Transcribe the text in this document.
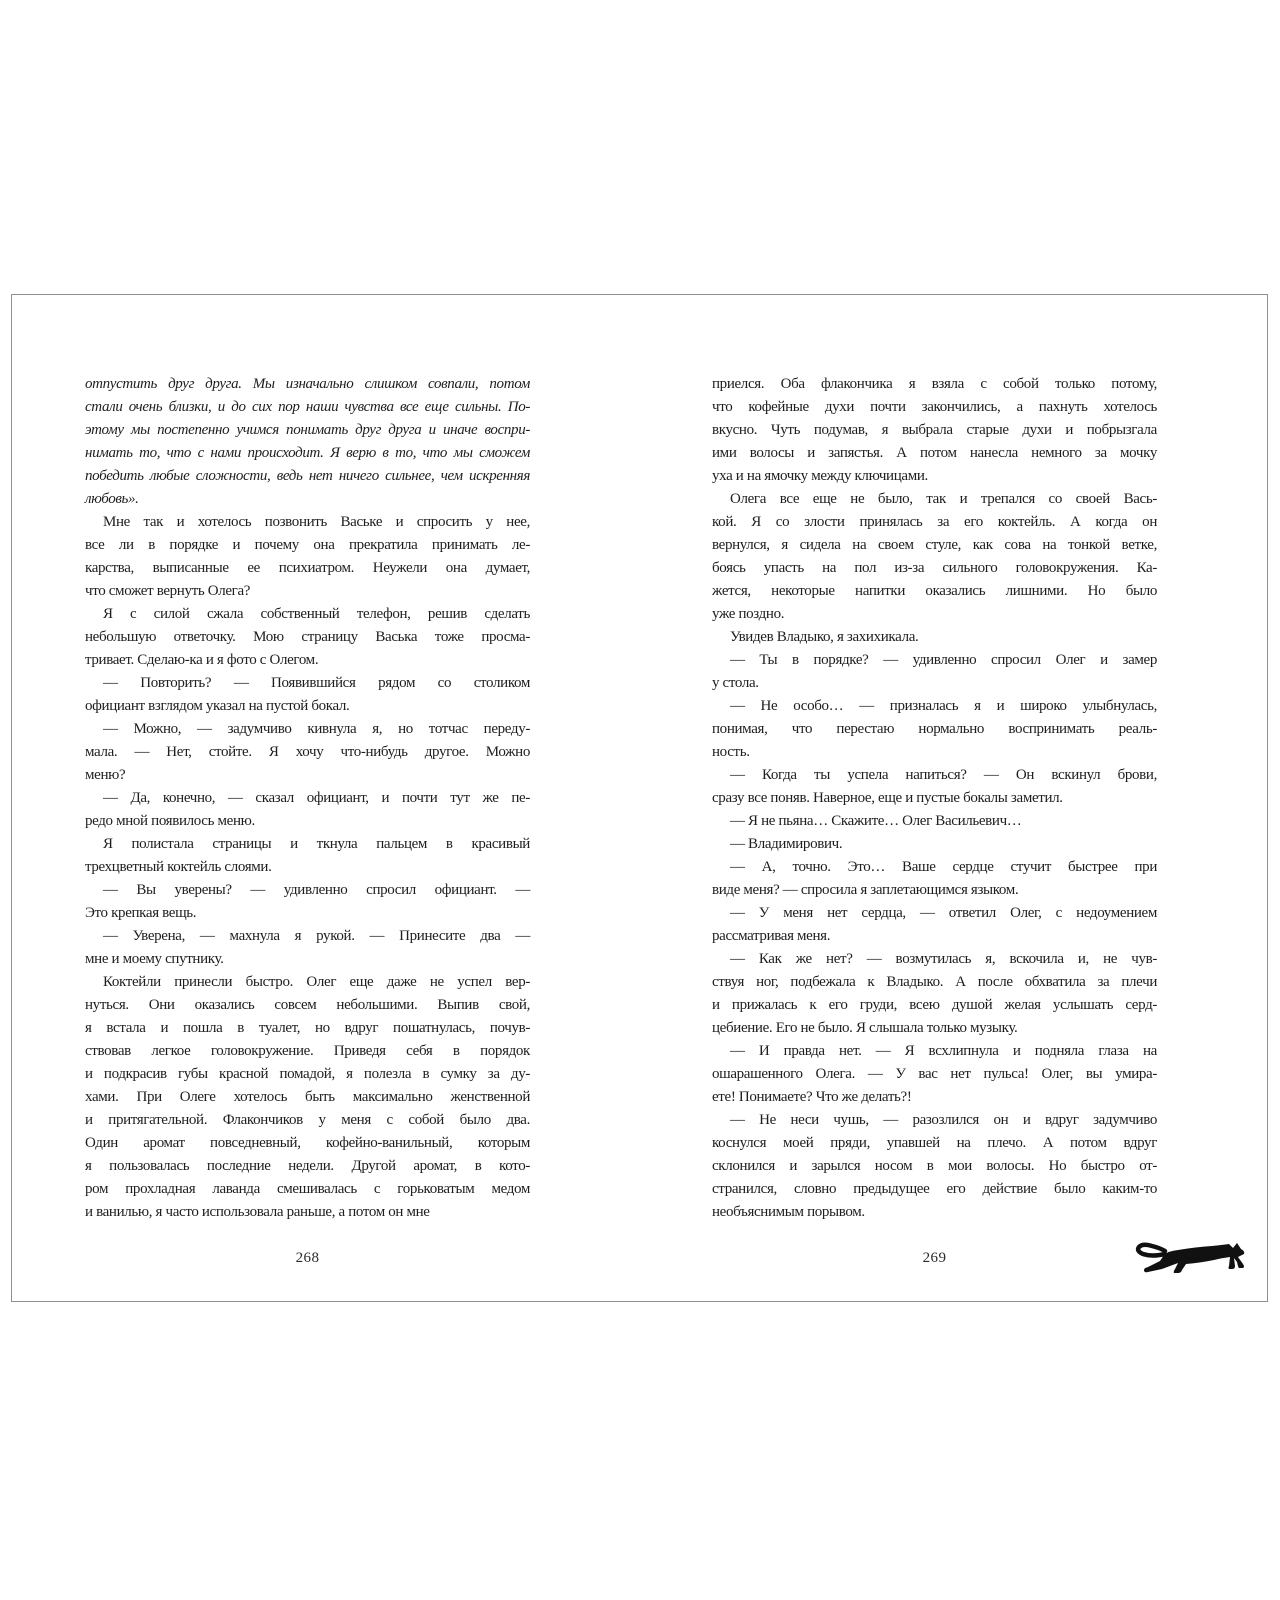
отпустить друг друга. Мы изначально слишком совпали, потом
стали очень близки, и до сих пор наши чувства все еще сильны. По-
этому мы постепенно учимся понимать друг друга и иначе воспри-
нимать то, что с нами происходит. Я верю в то, что мы сможем
победить любые сложности, ведь нет ничего сильнее, чем искренняя
любовь».
Мне так и хотелось позвонить Ваське и спросить у нее,
все ли в порядке и почему она прекратила принимать ле-
карства, выписанные ее психиатром. Неужели она думает,
что сможет вернуть Олега?
Я с силой сжала собственный телефон, решив сделать
небольшую ответочку. Мою страницу Васька тоже просма-
тривает. Сделаю-ка и я фото с Олегом.
— Повторить? — Появившийся рядом со столиком
официант взглядом указал на пустой бокал.
— Можно, — задумчиво кивнула я, но тотчас переду-
мала. — Нет, стойте. Я хочу что-нибудь другое. Можно
меню?
— Да, конечно, — сказал официант, и почти тут же пе-
редо мной появилось меню.
Я полистала страницы и ткнула пальцем в красивый
трехцветный коктейль слоями.
— Вы уверены? — удивленно спросил официант. —
Это крепкая вещь.
— Уверена, — махнула я рукой. — Принесите два —
мне и моему спутнику.
Коктейли принесли быстро. Олег еще даже не успел вер-
нуться. Они оказались совсем небольшими. Выпив свой,
я встала и пошла в туалет, но вдруг пошатнулась, почув-
ствовав легкое головокружение. Приведя себя в порядок
и подкрасив губы красной помадой, я полезла в сумку за ду-
хами. При Олеге хотелось быть максимально женственной
и притягательной. Флакончиков у меня с собой было два.
Один аромат повседневный, кофейно-ванильный, которым
я пользовалась последние недели. Другой аромат, в кото-
ром прохладная лаванда смешивалась с горьковатым медом
и ванилью, я часто использовала раньше, а потом он мне
приелся. Оба флакончика я взяла с собой только потому,
что кофейные духи почти закончились, а пахнуть хотелось
вкусно. Чуть подумав, я выбрала старые духи и побрызгала
ими волосы и запястья. А потом нанесла немного за мочку
уха и на ямочку между ключицами.
Олега все еще не было, так и трепался со своей Вась-
кой. Я со злости принялась за его коктейль. А когда он
вернулся, я сидела на своем стуле, как сова на тонкой ветке,
боясь упасть на пол из-за сильного головокружения. Ка-
жется, некоторые напитки оказались лишними. Но было
уже поздно.
Увидев Владыко, я захихикала.
— Ты в порядке? — удивленно спросил Олег и замер
у стола.
— Не особо… — призналась я и широко улыбнулась,
понимая, что перестаю нормально воспринимать реаль-
ность.
— Когда ты успела напиться? — Он вскинул брови,
сразу все поняв. Наверное, еще и пустые бокалы заметил.
— Я не пьяна… Скажите… Олег Васильевич…
— Владимирович.
— А, точно. Это… Ваше сердце стучит быстрее при
виде меня? — спросила я заплетающимся языком.
— У меня нет сердца, — ответил Олег, с недоумением
рассматривая меня.
— Как же нет? — возмутилась я, вскочила и, не чув-
ствуя ног, подбежала к Владыко. А после обхватила за плечи
и прижалась к его груди, всею душой желая услышать серд-
цебиение. Его не было. Я слышала только музыку.
— И правда нет. — Я всхлипнула и подняла глаза на
ошарашенного Олега. — У вас нет пульса! Олег, вы умира-
ете! Понимаете? Что же делать?!
— Не неси чушь, — разозлился он и вдруг задумчиво
коснулся моей пряди, упавшей на плечо. А потом вдруг
склонился и зарылся носом в мои волосы. Но быстро от-
странился, словно предыдущее его действие было каким-то
необъяснимым порывом.
268	269
